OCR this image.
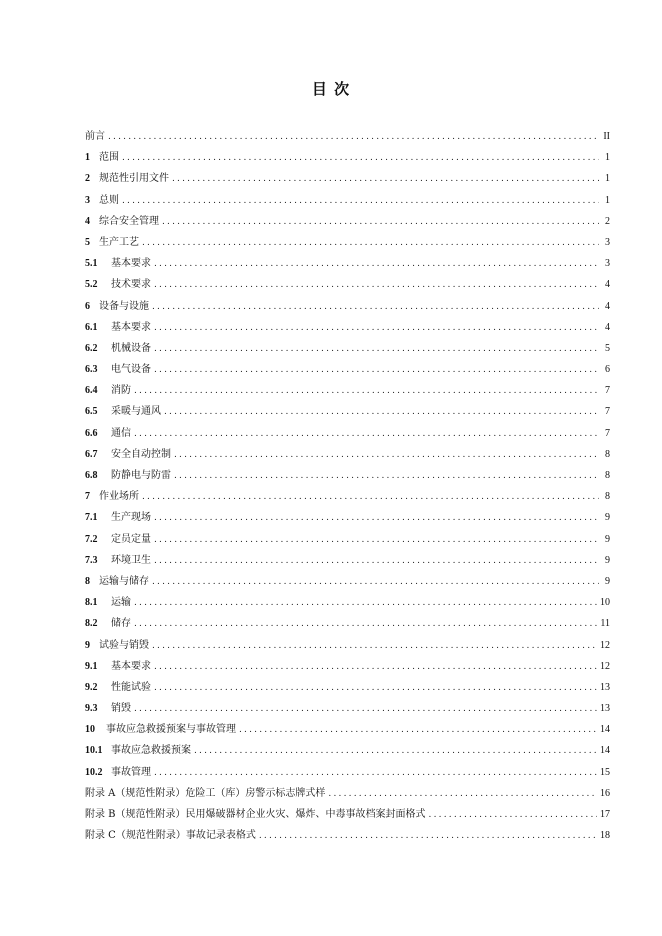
目 次
前言 .....	II
1 范围 .....	1
2 规范性引用文件 .....	1
3 总则 .....	1
4 综合安全管理 .....	2
5 生产工艺 .....	3
5.1	基本要求 .....	3
5.2	技术要求 .....	4
6 设备与设施 .....	4
6.1	基本要求 .....	4
6.2	机械设备 .....	5
6.3	电气设备 .....	6
6.4	消防 .....	7
6.5	采暖与通风 .....	7
6.6	通信 .....	7
6.7	安全自动控制 .....	8
6.8	防静电与防雷 .....	8
7 作业场所 .....	8
7.1	生产现场 .....	9
7.2	定员定量 .....	9
7.3	环境卫生 .....	9
8 运输与储存 .....	9
8.1	运输 .....	10
8.2	储存 .....	11
9 试验与销毁 .....	12
9.1	基本要求 .....	12
9.2	性能试验 .....	13
9.3	销毁 .....	13
10	事故应急救援预案与事故管理 .....	14
10.1 事故应急救援预案 .....	14
10.2 事故管理 .....	15
附录 A（规范性附录）危险工（库）房警示标志牌式样 .....	16
附录 B（规范性附录）民用爆破器材企业火灾、爆炸、中毒事故档案封面格式 .....	17
附录 C（规范性附录）事故记录表格式 .....	18
